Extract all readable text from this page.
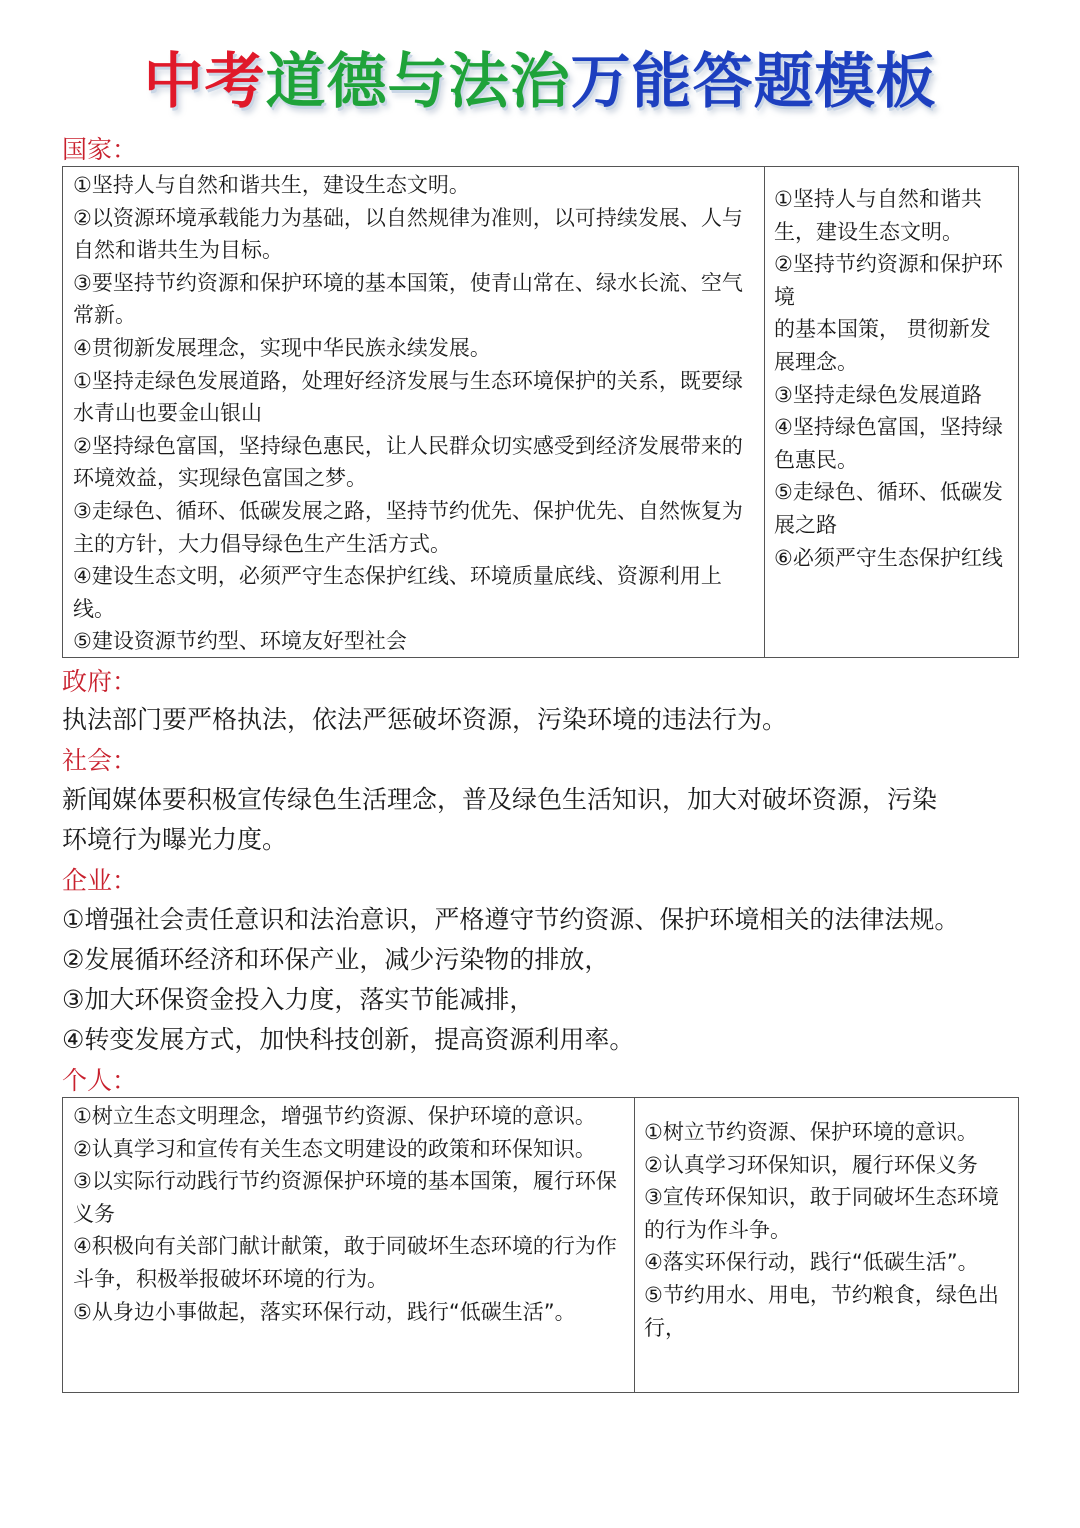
中考道德与法治万能答题模板
国家：

①坚持人与自然和谐共生，建设生态文明。

②以资源环境承载能力为基础，以自然规律为准则，以可持续发展、人与自然和谐共生为目标。

③要坚持节约资源和保护环境的基本国策，使青山常在、绿水长流、空气常新。

④贯彻新发展理念，实现中华民族永续发展。

①坚持走绿色发展道路，处理好经济发展与生态环境保护的关系，既要绿水青山也要金山银山

②坚持绿色富国，坚持绿色惠民，让人民群众切实感受到经济发展带来的环境效益，实现绿色富国之梦。

③走绿色、循环、低碳发展之路，坚持节约优先、保护优先、自然恢复为主的方针，大力倡导绿色生产生活方式。

④建设生态文明，必须严守生态保护红线、环境质量底线、资源利用上线。

⑤建设资源节约型、环境友好型社会

①坚持人与自然和谐共生，建设生态文明。

②坚持节约资源和保护环境

的基本国策， 贯彻新发展理念。

③坚持走绿色发展道路

④坚持绿色富国，坚持绿色惠民。

⑤走绿色、循环、低碳发展之路

⑥必须严守生态保护红线

政府：

执法部门要严格执法，依法严惩破坏资源，污染环境的违法行为。

社会：

新闻媒体要积极宣传绿色生活理念，普及绿色生活知识，加大对破坏资源，污染

环境行为曝光力度。

企业：

①增强社会责任意识和法治意识，严格遵守节约资源、保护环境相关的法律法规。

②发展循环经济和环保产业，减少污染物的排放，

③加大环保资金投入力度，落实节能减排，

④转变发展方式，加快科技创新，提高资源利用率。

个人：

①树立生态文明理念，增强节约资源、保护环境的意识。

②认真学习和宣传有关生态文明建设的政策和环保知识。

③以实际行动践行节约资源保护环境的基本国策，履行环保义务

④积极向有关部门献计献策，敢于同破坏生态环境的行为作斗争，积极举报破坏环境的行为。

⑤从身边小事做起，落实环保行动，践行“低碳生活”。

①树立节约资源、保护环境的意识。

②认真学习环保知识，履行环保义务

③宣传环保知识，敢于同破坏生态环境的行为作斗争。

④落实环保行动，践行“低碳生活”。

⑤节约用水、用电，节约粮食，绿色出行，
